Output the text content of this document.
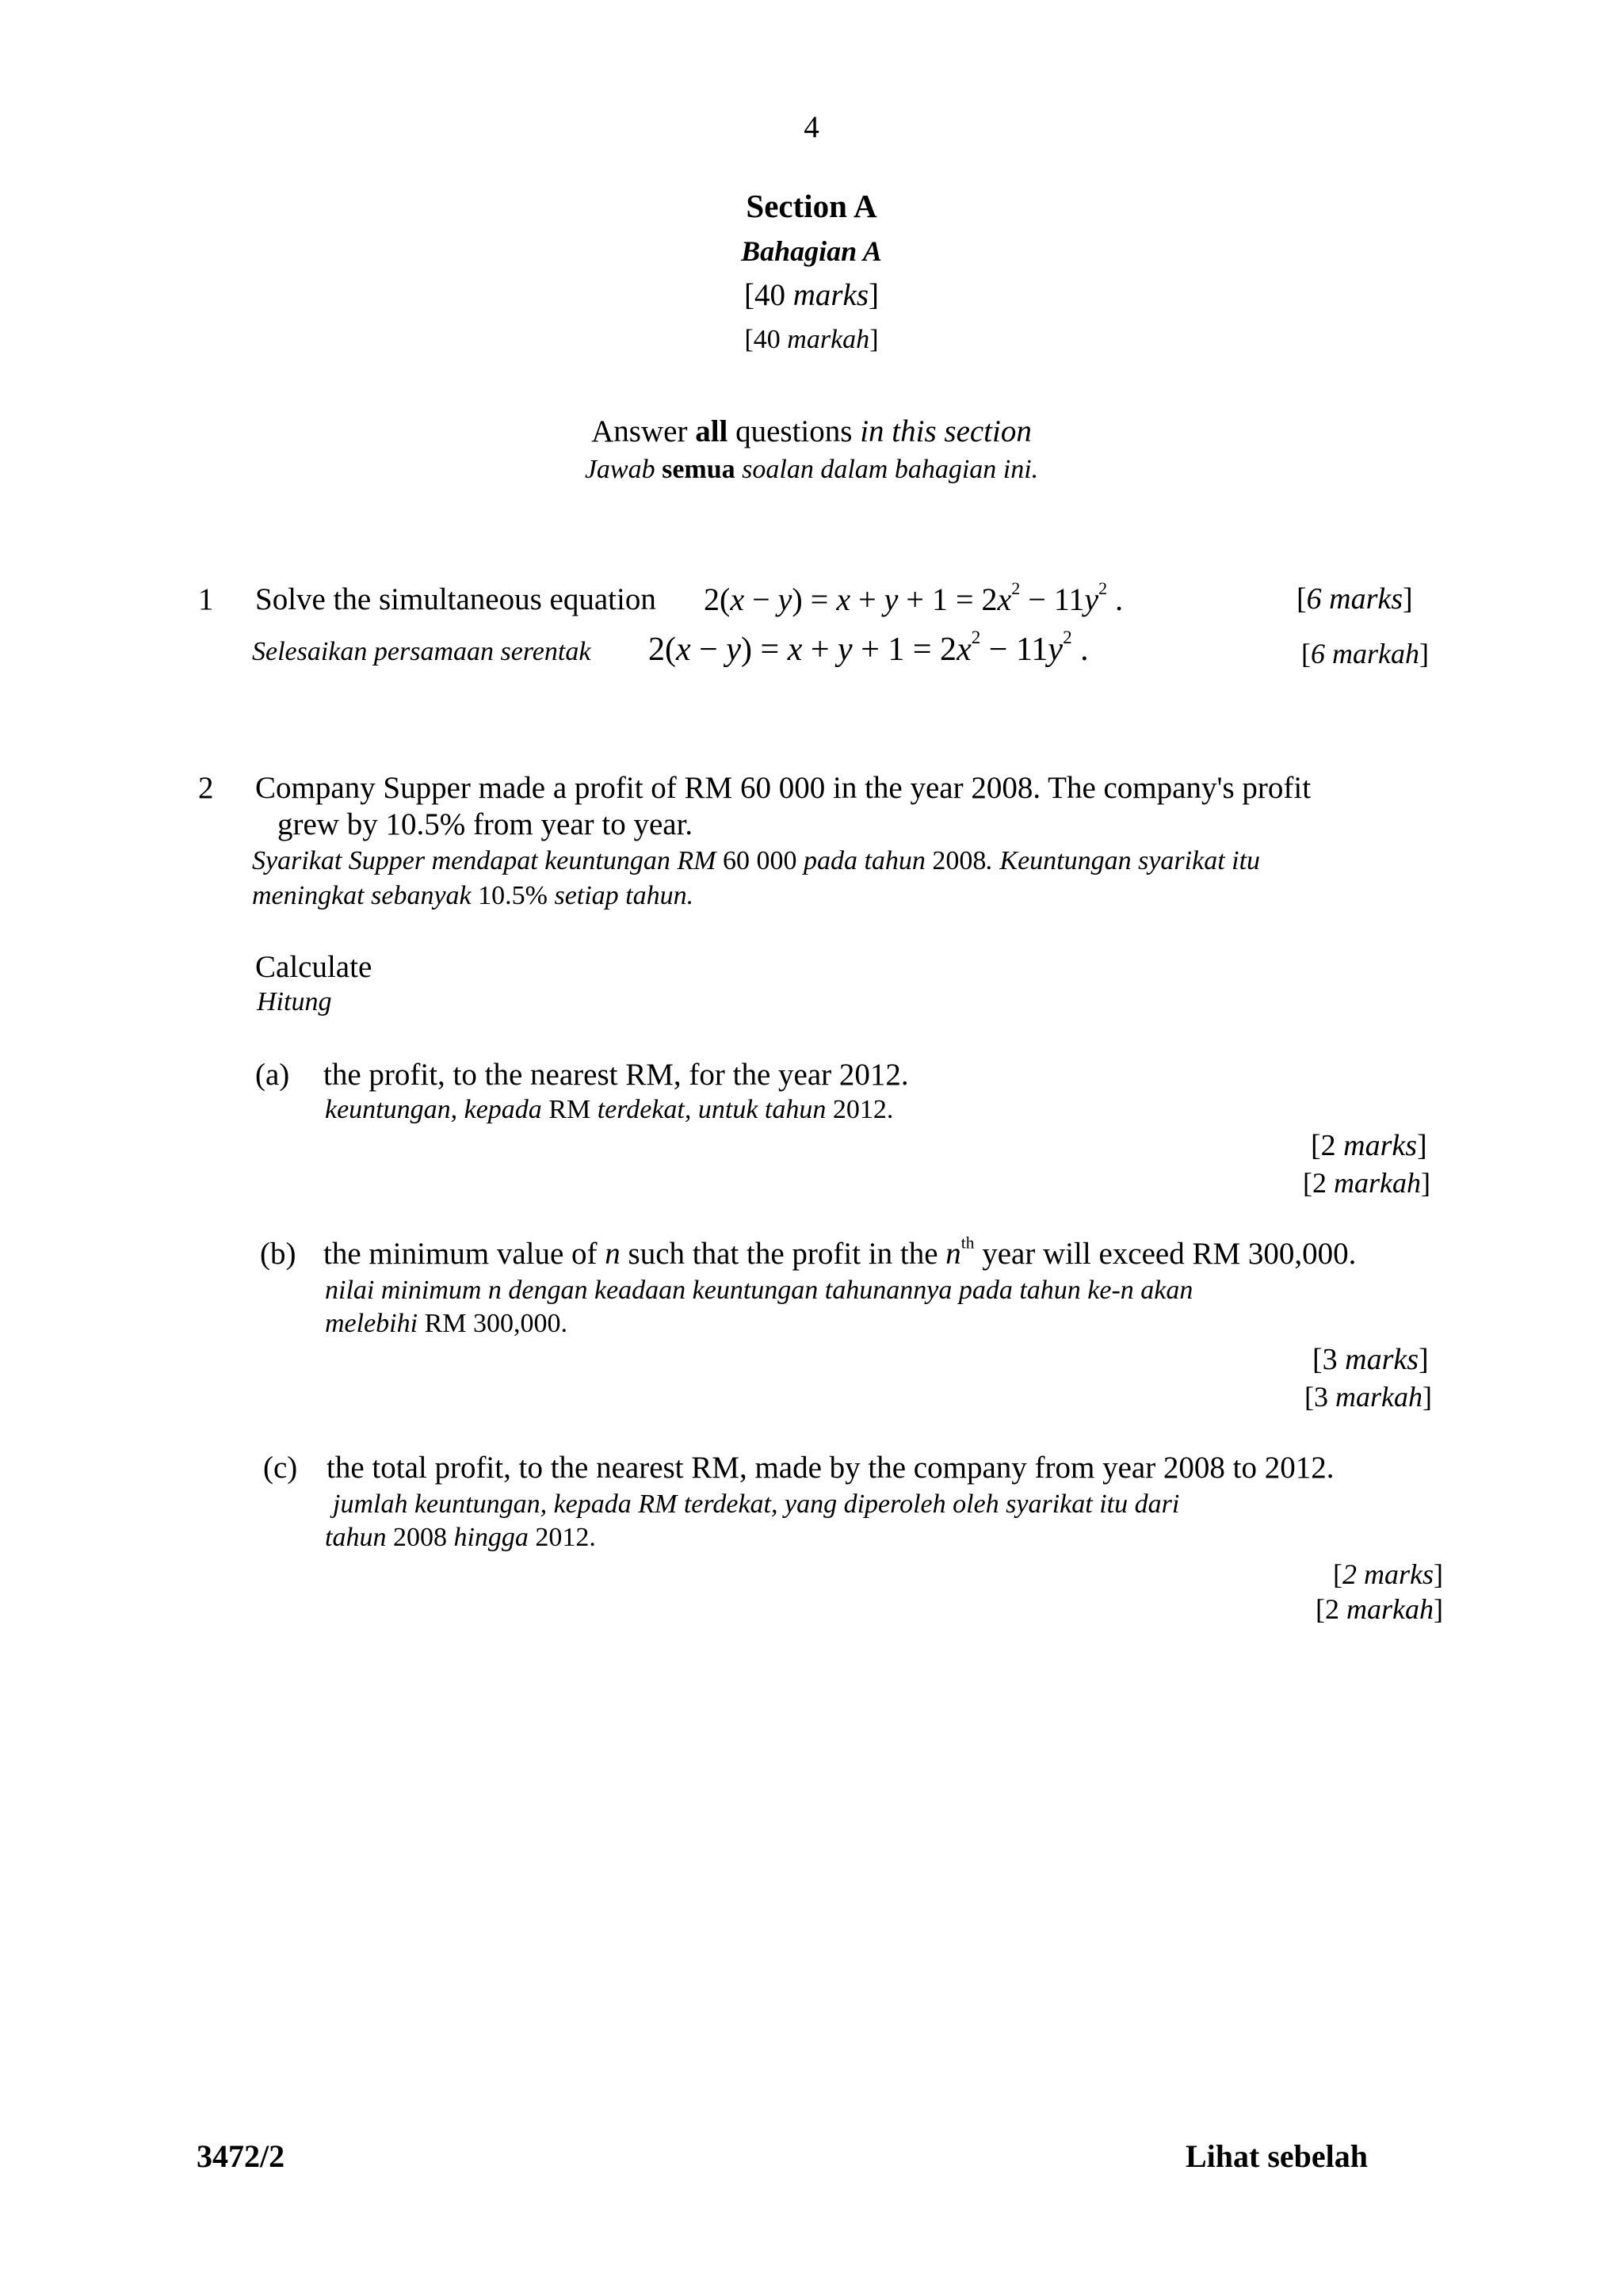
4
Section A
Bahagian A
[40 marks]
[40 markah]
Answer all questions in this section
Jawab semua soalan dalam bahagian ini.
1 Solve the simultaneous equation $2(x - y) = x + y + 1 = 2x^2 - 11y^2$ .	[6 marks]
Selesaikan persamaan serentak $2(x - y) = x + y + 1 = 2x^2 - 11y^2$ .	[6 markah]
2 Company Supper made a profit of RM 60 000 in the year 2008. The company's profit
grew by 10.5% from year to year.
Syarikat Supper mendapat keuntungan RM 60 000 pada tahun 2008. Keuntungan syarikat itu
meningkat sebanyak 10.5% setiap tahun.
Calculate
Hitung
(a) the profit, to the nearest RM, for the year 2012.
keuntungan, kepada RM terdekat, untuk tahun 2012.
[2 marks]
[2 markah]
(b) the minimum value of n such that the profit in the $n^{th}$ year will exceed RM 300,000.
nilai minimum n dengan keadaan keuntungan tahunannya pada tahun ke-n akan
melebihi RM 300,000.
[3 marks]
[3 markah]
(c) the total profit, to the nearest RM, made by the company from year 2008 to 2012.
jumlah keuntungan, kepada RM terdekat, yang diperoleh oleh syarikat itu dari
tahun 2008 hingga 2012.
[2 marks]
[2 markah]
3472/2	Lihat sebelah
